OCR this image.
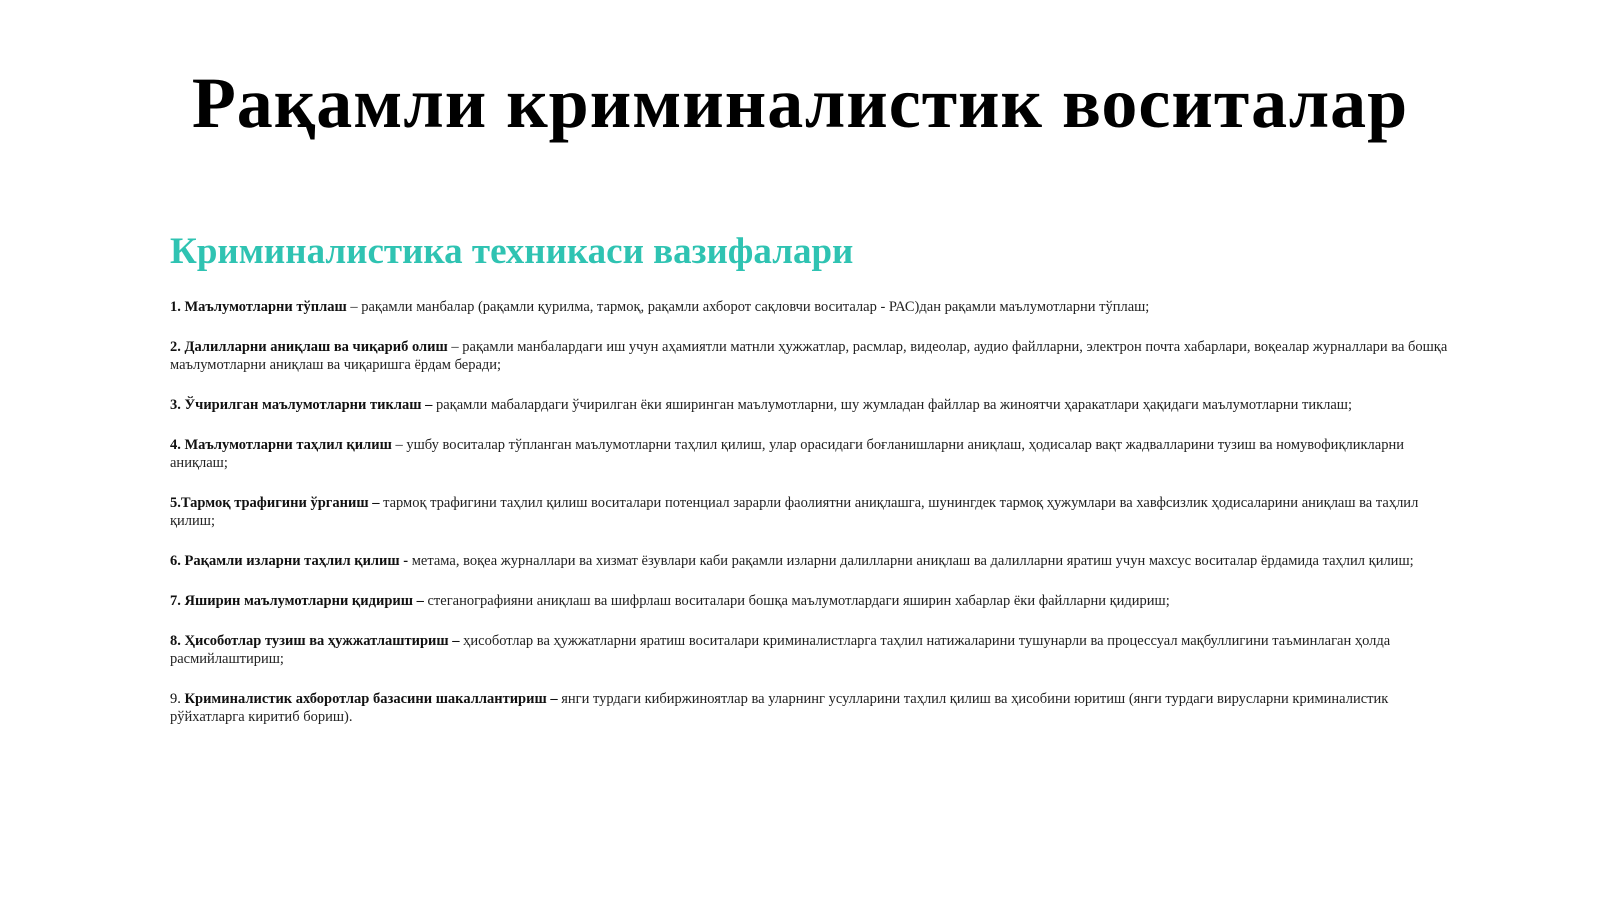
Рақамли криминалистик воситалар
Криминалистика техникаси вазифалари
1. Маълумотларни тўплаш – рақамли манбалар (рақамли қурилма, тармоқ, рақамли ахборот сақловчи воситалар - РАС)дан рақамли маълумотларни тўплаш;
2. Далилларни аниқлаш ва чиқариб олиш – рақамли манбалардаги иш учун аҳамиятли матнли ҳужжатлар, расмлар, видеолар, аудио файлларни, электрон почта хабарлари, воқеалар журналлари ва бошқа маълумотларни аниқлаш ва чиқаришга ёрдам беради;
3. Ўчирилган маълумотларни тиклаш – рақамли мабалардаги ўчирилган ёки яширинган маълумотларни, шу жумладан файллар ва жиноятчи ҳаракатлари ҳақидаги маълумотларни тиклаш;
4. Маълумотларни таҳлил қилиш – ушбу воситалар тўпланган маълумотларни таҳлил қилиш, улар орасидаги боғланишларни аниқлаш, ҳодисалар вақт жадвалларини тузиш ва номувофиқликларни аниқлаш;
5.Тармоқ трафигини ўрганиш – тармоқ трафигини таҳлил қилиш воситалари потенциал зарарли фаолиятни аниқлашга, шунингдек тармоқ ҳужумлари ва хавфсизлик ҳодисаларини аниқлаш ва таҳлил қилиш;
6. Рақамли изларни таҳлил қилиш - метама, воқеа журналлари ва хизмат ёзувлари каби рақамли изларни далилларни аниқлаш ва далилларни яратиш учун махсус воситалар ёрдамида таҳлил қилиш;
7. Яширин маълумотларни қидириш – стеганографияни аниқлаш ва шифрлаш воситалари бошқа маълумотлардаги яширин хабарлар ёки файлларни қидириш;
8. Ҳисоботлар тузиш ва ҳужжатлаштириш – ҳисоботлар ва ҳужжатларни яратиш воситалари криминалистларга таҳлил натижаларини тушунарли ва процессуал мақбуллигини таъминлаган ҳолда расмийлаштириш;
9. Криминалистик ахборотлар базасини шакаллантириш – янги турдаги кибиржиноятлар ва уларнинг усулларини таҳлил қилиш ва ҳисобини юритиш (янги турдаги вирусларни криминалистик рўйхатларга киритиб бориш).
